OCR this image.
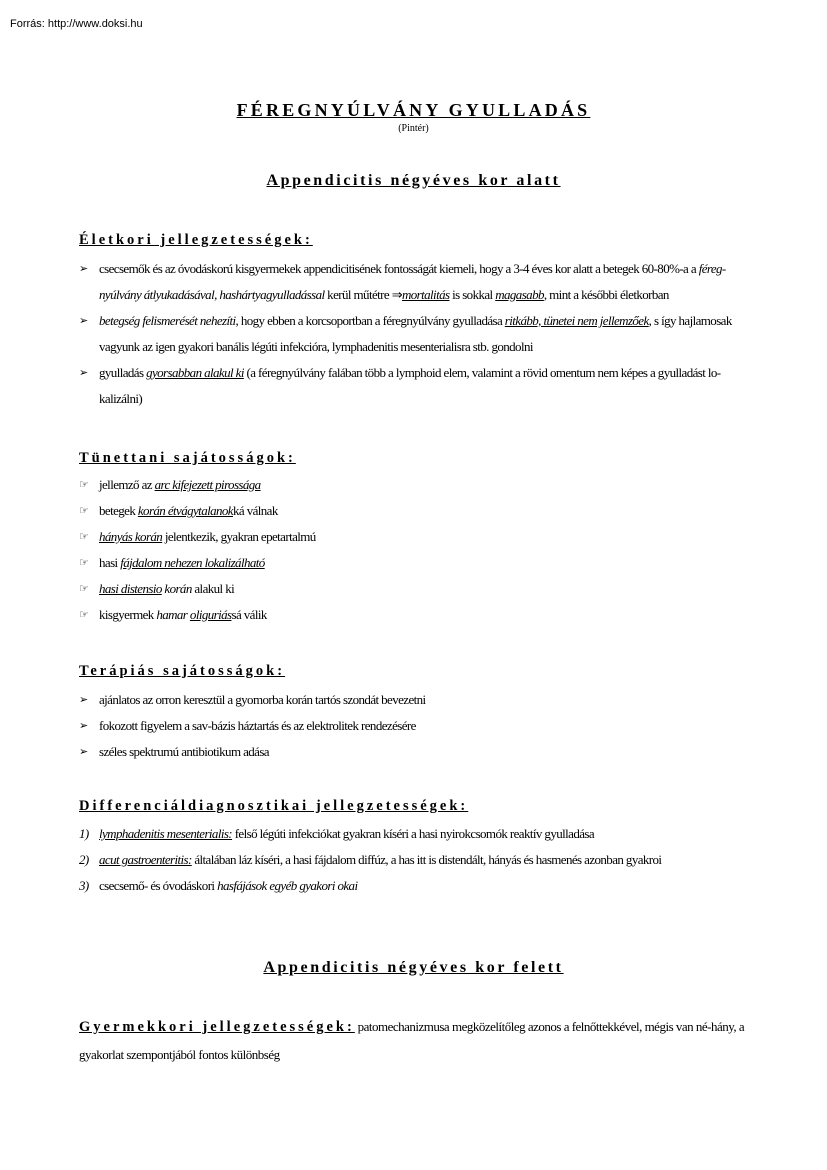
Forrás: http://www.doksi.hu
FÉREGNYÚLVÁNY GYULLADÁS
(Pintér)
Appendicitis négyéves kor alatt
Életkori jellegzetességek:
➢ csecsemők és az óvodáskorú kisgyermekek appendicitisének fontosságát kiemeli, hogy a 3-4 éves kor alatt a betegek 60-80%-a a féreg-nyúlvány átlyukadásával, hashártyagyulladással kerül műtétre ⇒mortalitás is sokkal magasabb, mint a későbbi életkorban
➢ betegség felismerését nehezíti, hogy ebben a korcsoportban a féregnyúlvány gyulladása ritkább, tünetei nem jellemzőek, s így hajlamosak vagyunk az igen gyakori banális légúti infekcióra, lymphadenitis mesenterialisra stb. gondolni
➢ gyulladás gyorsabban alakul ki (a féregnyúlvány falában több a lymphoid elem, valamint a rövid omentum nem képes a gyulladást lo-kalizálni)
Tünettani sajátosságok:
☞ jellemző az arc kifejezett pirossága
☞ betegek korán étvágytalanokká válnak
☞ hányás korán jelentkezik, gyakran epetartalmú
☞ hasi fájdalom nehezen lokalizálható
☞ hasi distensio korán alakul ki
☞ kisgyermek hamar oliguriássá válik
Terápiás sajátosságok:
➢ ajánlatos az orron keresztül a gyomorba korán tartós szondát bevezetni
➢ fokozott figyelem a sav-bázis háztartás és az elektrolitek rendezésére
➢ széles spektrumú antibiotikum adása
Differenciáldiagnosztikai jellegzetességek:
1) lymphadenitis mesenterialis: felső légúti infekciókat gyakran kíséri a hasi nyirokcsomók reaktív gyulladása
2) acut gastroenteritis: általában láz kíséri, a hasi fájdalom diffúz, a has itt is distendált, hányás és hasmenés azonban gyakroi
3) csecsemő- és óvodáskori hasfájások egyéb gyakori okai
Appendicitis négyéves kor felett
Gyermekkori jellegzetességek: patomechanizmusa megközelítőleg azonos a felnőttekkével, mégis van né-hány, a gyakorlat szempontjából fontos különbség
